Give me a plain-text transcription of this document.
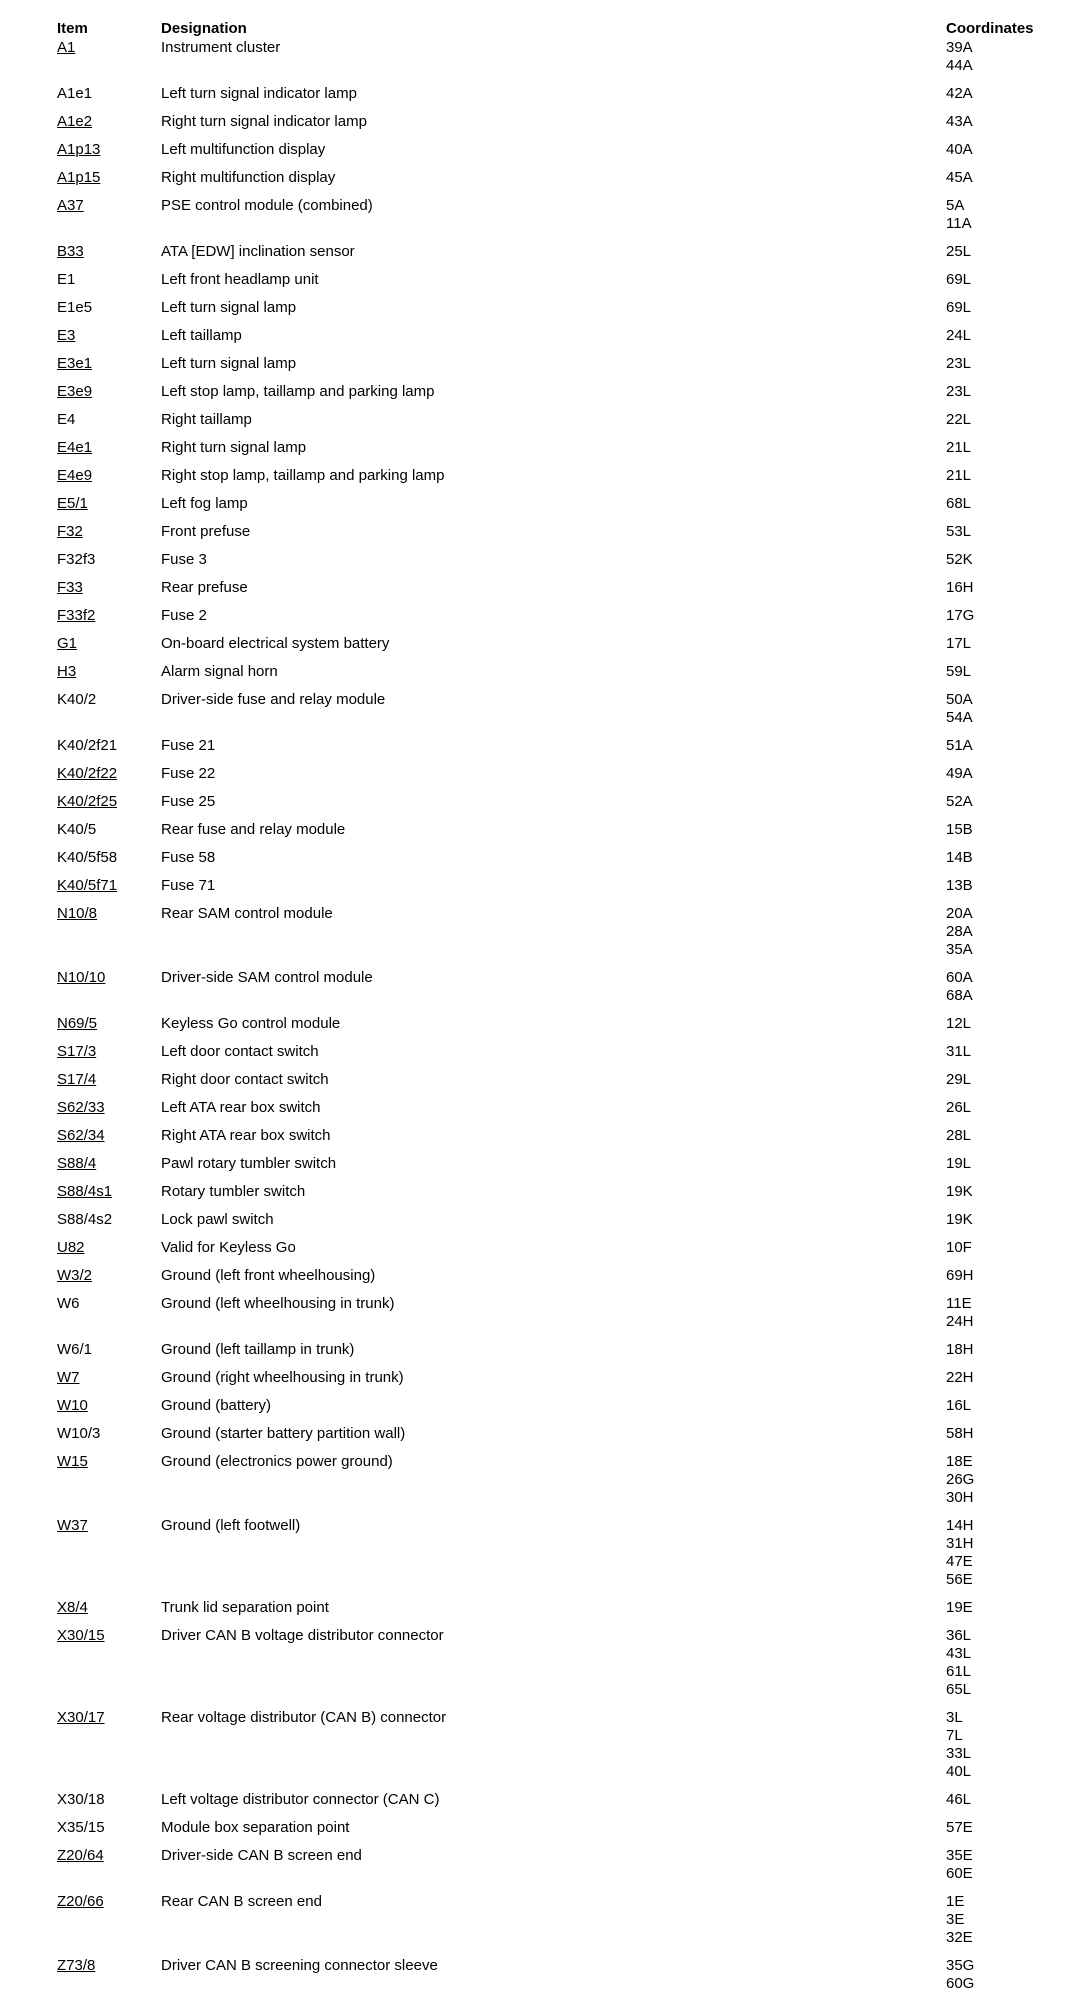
Item	Designation	Coordinates
A1	Instrument cluster	39A
44A
A1e1	Left turn signal indicator lamp	42A
A1e2	Right turn signal indicator lamp	43A
A1p13	Left multifunction display	40A
A1p15	Right multifunction display	45A
A37	PSE control module (combined)	5A
11A
B33	ATA [EDW] inclination sensor	25L
E1	Left front headlamp unit	69L
E1e5	Left turn signal lamp	69L
E3	Left taillamp	24L
E3e1	Left turn signal lamp	23L
E3e9	Left stop lamp, taillamp and parking lamp	23L
E4	Right taillamp	22L
E4e1	Right turn signal lamp	21L
E4e9	Right stop lamp, taillamp and parking lamp	21L
E5/1	Left fog lamp	68L
F32	Front prefuse	53L
F32f3	Fuse 3	52K
F33	Rear prefuse	16H
F33f2	Fuse 2	17G
G1	On-board electrical system battery	17L
H3	Alarm signal horn	59L
K40/2	Driver-side fuse and relay module	50A
54A
K40/2f21	Fuse 21	51A
K40/2f22	Fuse 22	49A
K40/2f25	Fuse 25	52A
K40/5	Rear fuse and relay module	15B
K40/5f58	Fuse 58	14B
K40/5f71	Fuse 71	13B
N10/8	Rear SAM control module	20A
28A
35A
N10/10	Driver-side SAM control module	60A
68A
N69/5	Keyless Go control module	12L
S17/3	Left door contact switch	31L
S17/4	Right door contact switch	29L
S62/33	Left ATA rear box switch	26L
S62/34	Right ATA rear box switch	28L
S88/4	Pawl rotary tumbler switch	19L
S88/4s1	Rotary tumbler switch	19K
S88/4s2	Lock pawl switch	19K
U82	Valid for Keyless Go	10F
W3/2	Ground (left front wheelhousing)	69H
W6	Ground (left wheelhousing in trunk)	11E
24H
W6/1	Ground (left taillamp in trunk)	18H
W7	Ground (right wheelhousing in trunk)	22H
W10	Ground (battery)	16L
W10/3	Ground (starter battery partition wall)	58H
W15	Ground (electronics power ground)	18E
26G
30H
W37	Ground (left footwell)	14H
31H
47E
56E
X8/4	Trunk lid separation point	19E
X30/15	Driver CAN B voltage distributor connector	36L
43L
61L
65L
X30/17	Rear voltage distributor (CAN B) connector	3L
7L
33L
40L
X30/18	Left voltage distributor connector (CAN C)	46L
X35/15	Module box separation point	57E
Z20/64	Driver-side CAN B screen end	35E
60E
Z20/66	Rear CAN B screen end	1E
3E
32E
Z73/8	Driver CAN B screening connector sleeve	35G
60G
